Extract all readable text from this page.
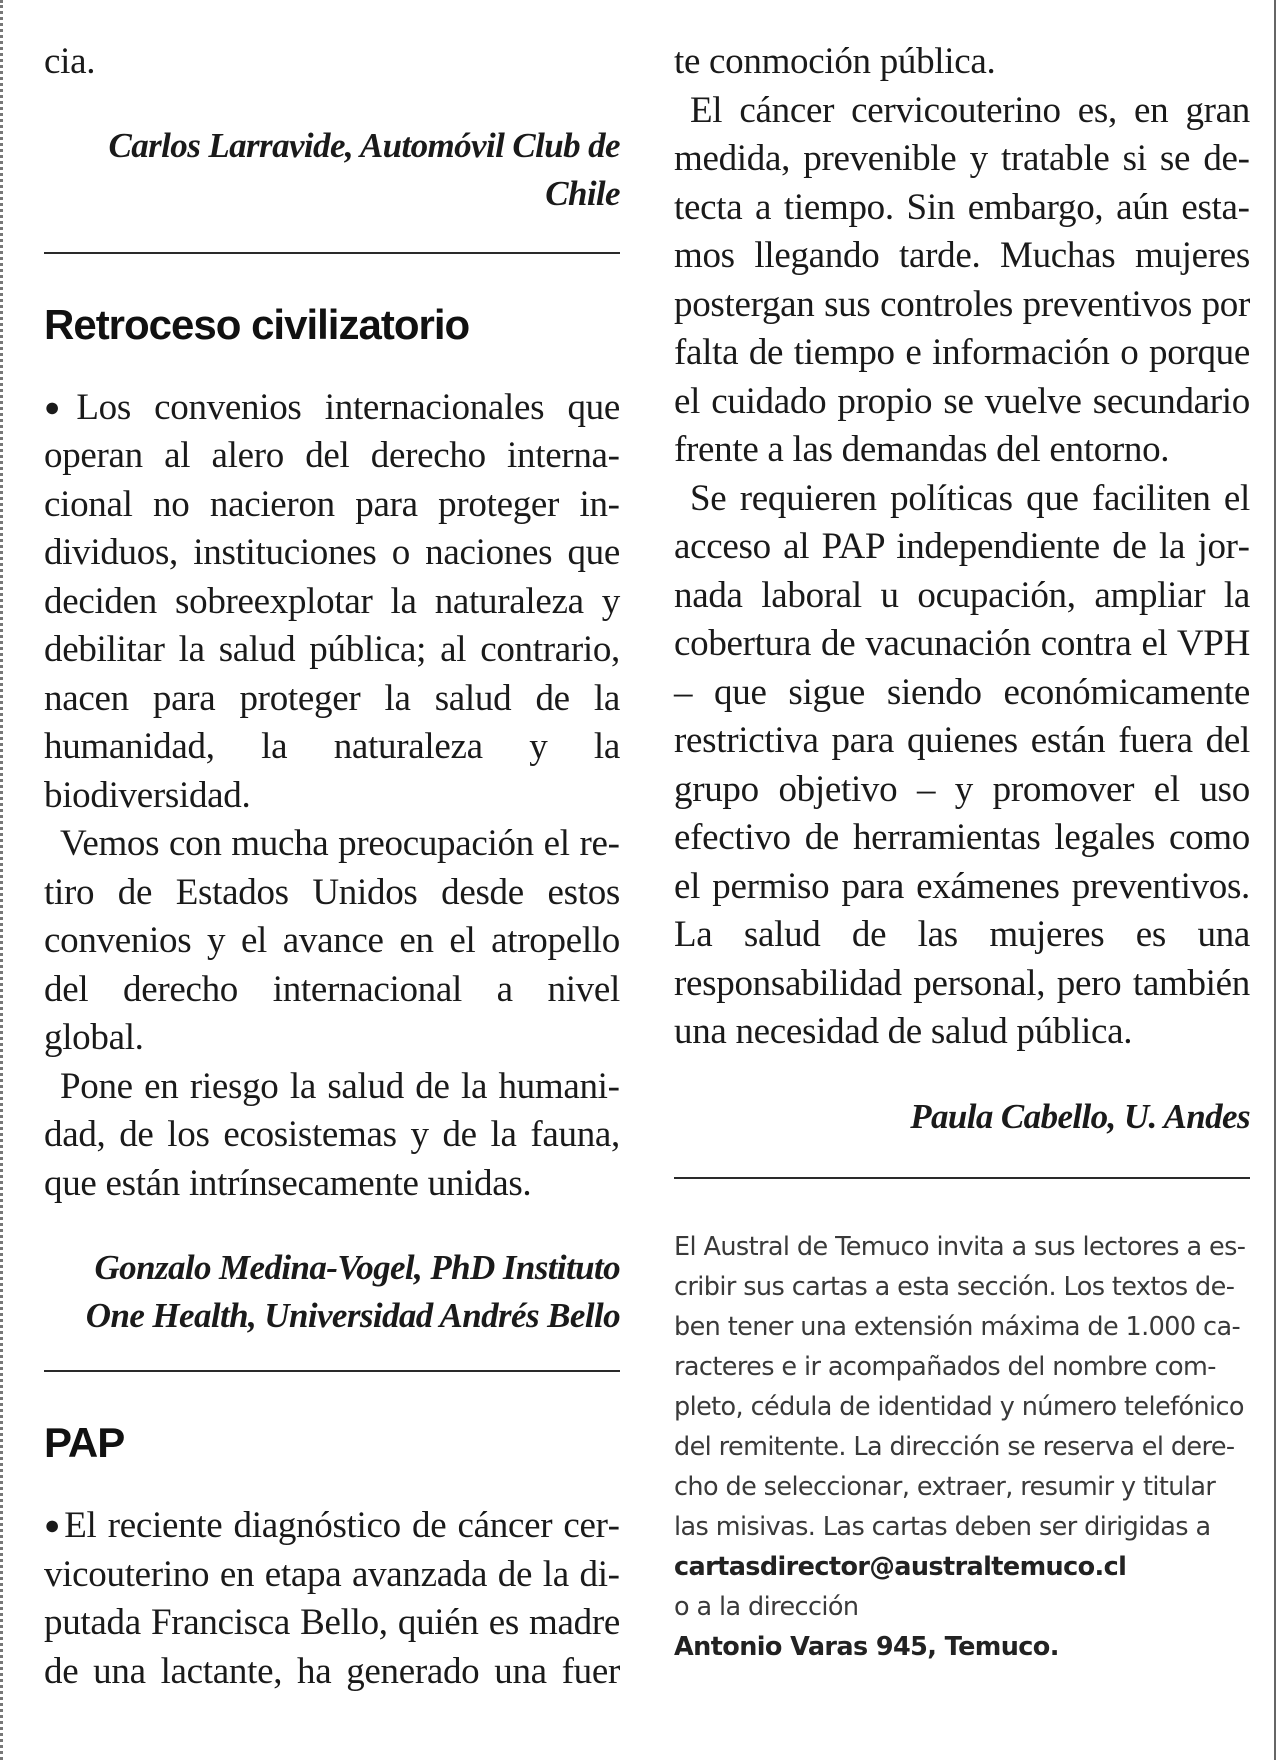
cia.

Carlos Larravide, Automóvil Club de
Chile

Retroceso civilizatorio

● Los convenios internacionales que operan al alero del derecho internacional no nacieron para proteger individuos, instituciones o naciones que deciden sobreexplotar la naturaleza y debilitar la salud pública; al contrario, nacen para proteger la salud de la humanidad, la naturaleza y la biodiversidad.

Vemos con mucha preocupación el retiro de Estados Unidos desde estos convenios y el avance en el atropello del derecho internacional a nivel global.

Pone en riesgo la salud de la humanidad, de los ecosistemas y de la fauna, que están intrínsecamente unidas.

Gonzalo Medina-Vogel, PhD Instituto
One Health, Universidad Andrés Bello

PAP

● El reciente diagnóstico de cáncer cervicouterino en etapa avanzada de la diputada Francisca Bello, quién es madre de una lactante, ha generado una fuer

te conmoción pública.

El cáncer cervicouterino es, en gran medida, prevenible y tratable si se detecta a tiempo. Sin embargo, aún estamos llegando tarde. Muchas mujeres postergan sus controles preventivos por falta de tiempo e información o porque el cuidado propio se vuelve secundario frente a las demandas del entorno.

Se requieren políticas que faciliten el acceso al PAP independiente de la jornada laboral u ocupación, ampliar la cobertura de vacunación contra el VPH – que sigue siendo económicamente restrictiva para quienes están fuera del grupo objetivo – y promover el uso efectivo de herramientas legales como el permiso para exámenes preventivos. La salud de las mujeres es una responsabilidad personal, pero también una necesidad de salud pública.

Paula Cabello, U. Andes

El Austral de Temuco invita a sus lectores a escribir sus cartas a esta sección. Los textos deben tener una extensión máxima de 1.000 caracteres e ir acompañados del nombre completo, cédula de identidad y número telefónico del remitente. La dirección se reserva el derecho de seleccionar, extraer, resumir y titular las misivas. Las cartas deben ser dirigidas a
cartasdirector@australtemuco.cl
o a la dirección
Antonio Varas 945, Temuco.
